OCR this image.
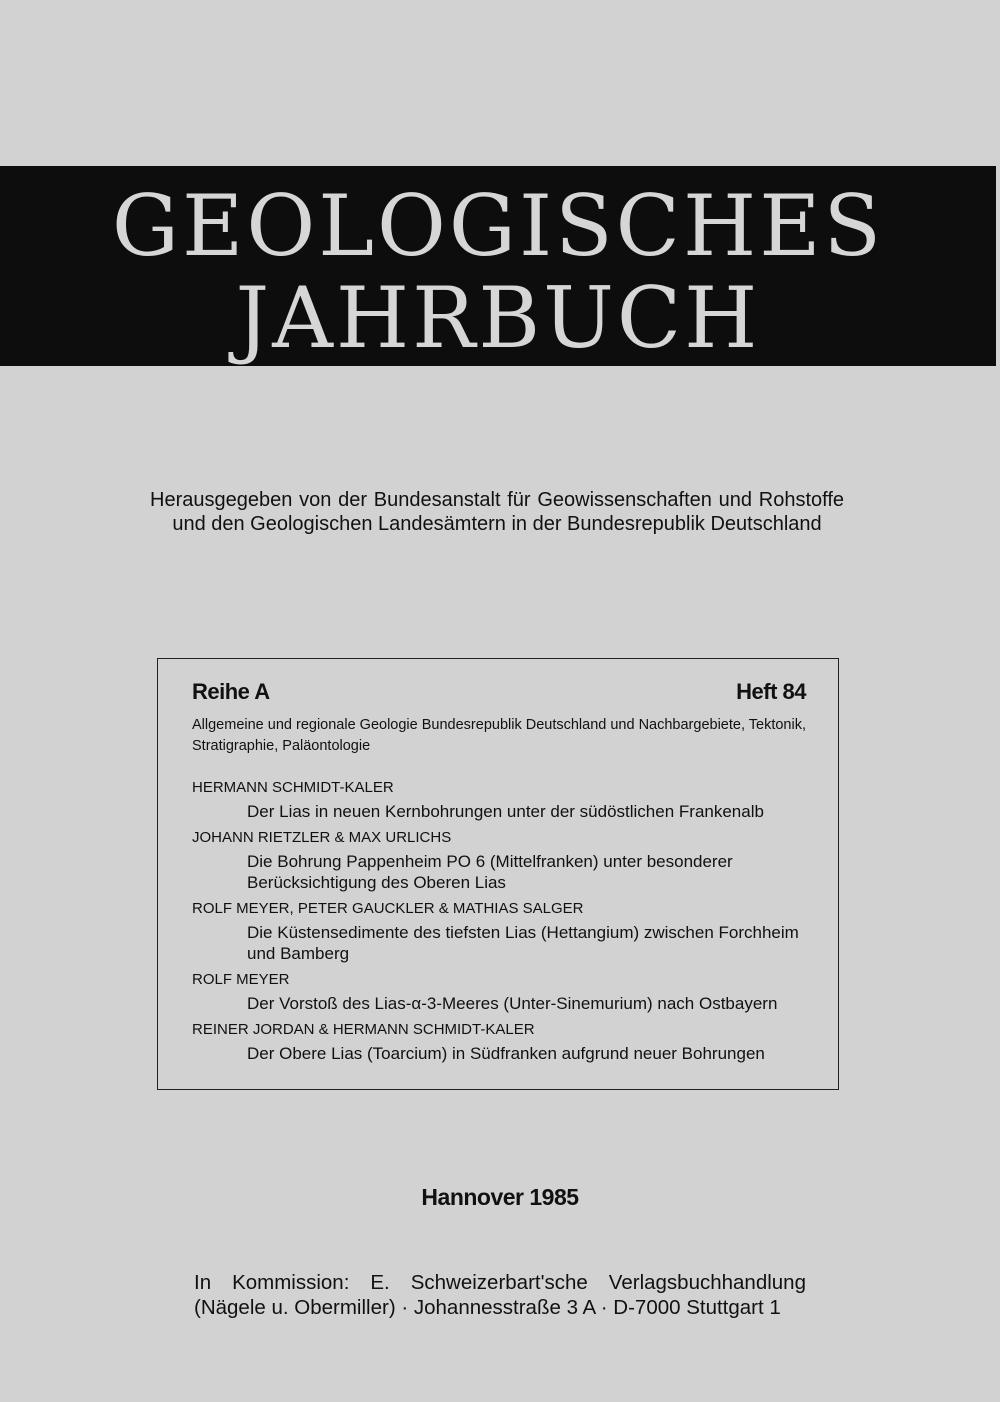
GEOLOGISCHES
JAHRBUCH
Herausgegeben von der Bundesanstalt für Geowissenschaften und Rohstoffe und den Geologischen Landesämtern in der Bundesrepublik Deutschland
Reihe A	Heft 84
Allgemeine und regionale Geologie Bundesrepublik Deutschland und Nachbargebiete, Tektonik, Stratigraphie, Paläontologie
HERMANN SCHMIDT-KALER
Der Lias in neuen Kernbohrungen unter der südöstlichen Frankenalb
JOHANN RIETZLER & MAX URLICHS
Die Bohrung Pappenheim PO 6 (Mittelfranken) unter besonderer Berücksichtigung des Oberen Lias
ROLF MEYER, PETER GAUCKLER & MATHIAS SALGER
Die Küstensedimente des tiefsten Lias (Hettangium) zwischen Forchheim und Bamberg
ROLF MEYER
Der Vorstoß des Lias-α-3-Meeres (Unter-Sinemurium) nach Ostbayern
REINER JORDAN & HERMANN SCHMIDT-KALER
Der Obere Lias (Toarcium) in Südfranken aufgrund neuer Bohrungen
Hannover 1985
In Kommission: E. Schweizerbart'sche Verlagsbuchhandlung
(Nägele u. Obermiller) · Johannesstraße 3 A · D-7000 Stuttgart 1
